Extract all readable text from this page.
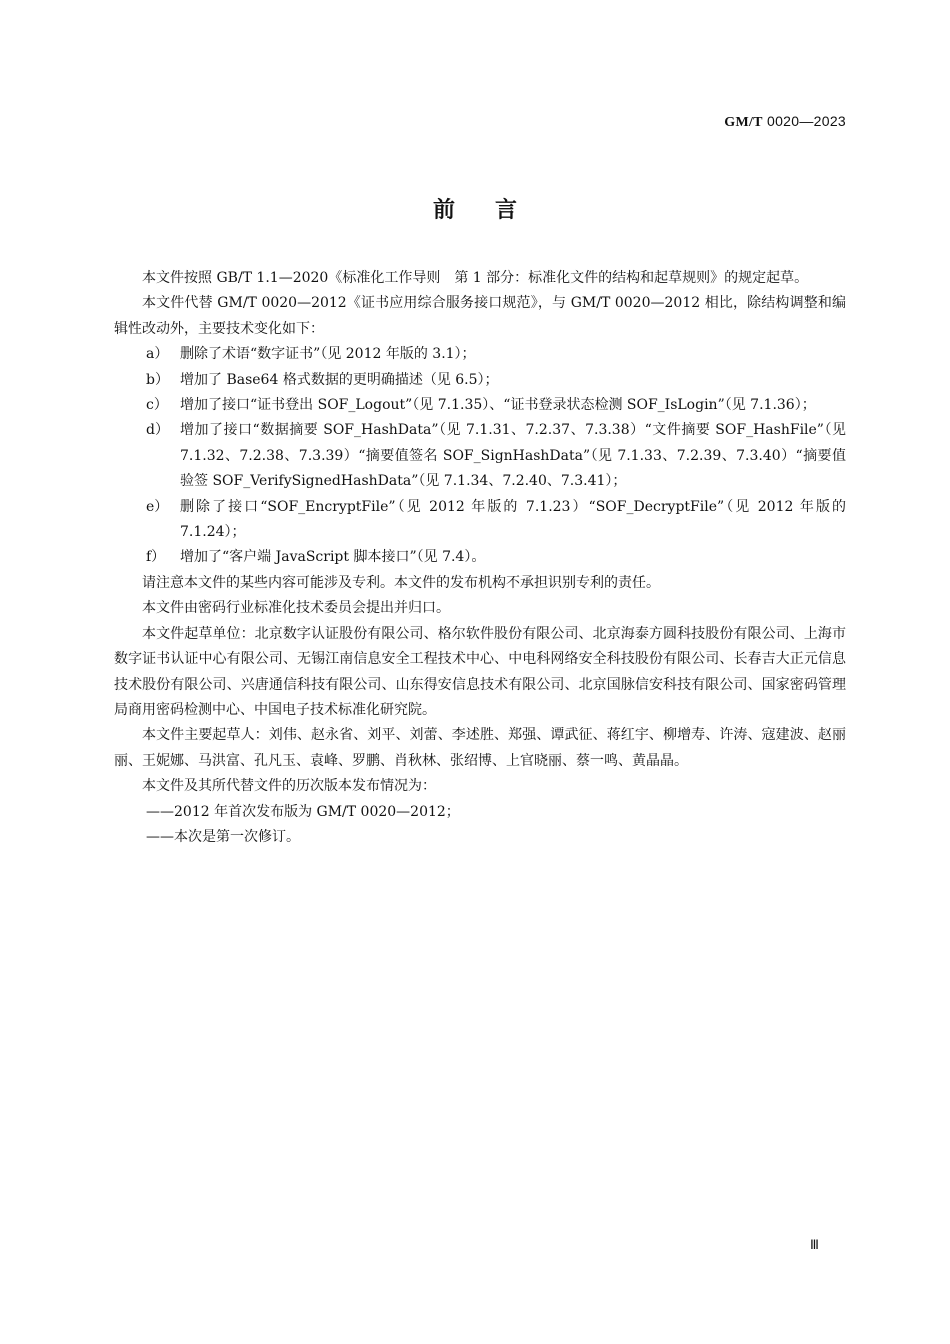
GM/T 0020—2023
前言

本文件按照 GB/T 1.1—2020《标准化工作导则　第 1 部分：标准化文件的结构和起草规则》的规定起草。

本文件代替 GM/T 0020—2012《证书应用综合服务接口规范》，与 GM/T 0020—2012 相比，除结构调整和编辑性改动外，主要技术变化如下：

a） 删除了术语“数字证书”（见 2012 年版的 3.1）；
b） 增加了 Base64 格式数据的更明确描述（见 6.5）；
c） 增加了接口“证书登出 SOF_Logout”（见 7.1.35）、“证书登录状态检测 SOF_IsLogin”（见 7.1.36）；
d） 增加了接口“数据摘要 SOF_HashData”（见 7.1.31、7.2.37、7.3.38）“文件摘要 SOF_HashFile”（见 7.1.32、7.2.38、7.3.39）“摘要值签名 SOF_SignHashData”（见 7.1.33、7.2.39、7.3.40）“摘要值验签 SOF_VerifySignedHashData”（见 7.1.34、7.2.40、7.3.41）；
e） 删除了接口“SOF_EncryptFile”（见 2012 年版的 7.1.23）“SOF_DecryptFile”（见 2012 年版的 7.1.24）；
f）	增加了“客户端 JavaScript 脚本接口”（见 7.4）。

请注意本文件的某些内容可能涉及专利。本文件的发布机构不承担识别专利的责任。

本文件由密码行业标准化技术委员会提出并归口。

本文件起草单位：北京数字认证股份有限公司、格尔软件股份有限公司、北京海泰方圆科技股份有限公司、上海市数字证书认证中心有限公司、无锡江南信息安全工程技术中心、中电科网络安全科技股份有限公司、长春吉大正元信息技术股份有限公司、兴唐通信科技有限公司、山东得安信息技术有限公司、北京国脉信安科技有限公司、国家密码管理局商用密码检测中心、中国电子技术标准化研究院。

本文件主要起草人：刘伟、赵永省、刘平、刘蕾、李述胜、郑强、谭武征、蒋红宇、柳增寿、许涛、寇建波、赵丽丽、王妮娜、马洪富、孔凡玉、袁峰、罗鹏、肖秋林、张绍博、上官晓丽、蔡一鸣、黄晶晶。

本文件及其所代替文件的历次版本发布情况为：

——2012 年首次发布版为 GM/T 0020—2012；

——本次是第一次修订。

Ⅲ
